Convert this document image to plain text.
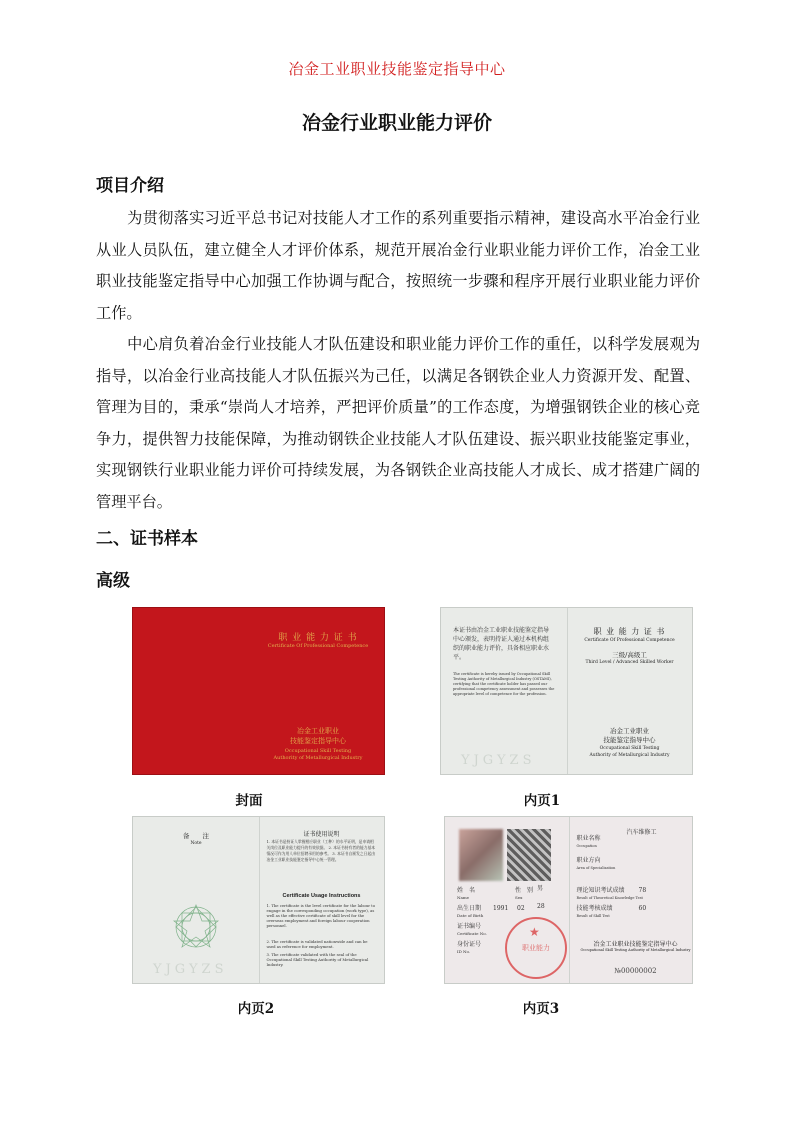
冶金工业职业技能鉴定指导中心
冶金行业职业能力评价
项目介绍
为贯彻落实习近平总书记对技能人才工作的系列重要指示精神，建设高水平冶金行业从业人员队伍，建立健全人才评价体系，规范开展冶金行业职业能力评价工作，冶金工业职业技能鉴定指导中心加强工作协调与配合，按照统一步骤和程序开展行业职业能力评价工作。
中心肩负着冶金行业技能人才队伍建设和职业能力评价工作的重任，以科学发展观为指导，以冶金行业高技能人才队伍振兴为己任，以满足各钢铁企业人力资源开发、配置、管理为目的，秉承“崇尚人才培养，严把评价质量”的工作态度，为增强钢铁企业的核心竞争力，提供智力技能保障，为推动钢铁企业技能人才队伍建设、振兴职业技能鉴定事业，实现钢铁行业职业能力评价可持续发展，为各钢铁企业高技能人才成长、成才搭建广阔的管理平台。
二、证书样本
高级
职 业 能 力 证 书
Certificate Of Professional Competence
冶金工业职业
技能鉴定指导中心
Occupational Skill Testing
Authority of Metallurgical Industry
封面
本证书由冶金工业职业技能鉴定指导中心颁发，表明持证人通过本机构组织的职业能力评价，具备相应职业水平。
The certificate is hereby issued by Occupational Skill Testing Authority of Metallurgical Industry (OSTAMI), certifying that the certificate holder has passed our professional competency assessment and possesses the appropriate level of competence for the profession.
YJGYZS
职 业 能 力 证 书
Certificate Of Professional Competence
三级/高级工
Third Level / Advanced Skilled Worker
冶金工业职业
技能鉴定指导中心
Occupational Skill Testing
Authority of Metallurgical Industry
内页1
备　　注
Note
YJGYZS
证书使用说明
1. 本证书是持证人掌握相应职业（工种）的水平证明，是申请相关岗位及职业能力提升的有效依据。 2. 本证书持有者的能力基本情况可作为用人单位招聘录用的参考。 3. 本证书自颁发之日起由冶金工业职业技能鉴定指导中心统一管理。
Certificate Usage Instructions
1. The certificate is the level certificate for the labour to engage in the corresponding occupation (work type), as well as the effective certificate of skill level for the overseas employment and foreign labour cooperation personnel.
2. The certificate is validated nationwide and can be used as reference for employment.
3. The certificate validated with the seal of the Occupational Skill Testing Authority of Metallurgical Industry.
内页2
姓　名
Name
性　别
Sex
男
出生日期
Date of Birth
1991 02 28
证书编号
Certificate No.
身份证号
ID No.	职业能力
★
职业名称
Occupation
汽车维修工
职业方向
Area of Specialization
理论知识考试成绩
Result of Theoretical Knowledge Test
78
技能考核成绩
Result of Skill Test
60
冶金工业职业技能鉴定指导中心
Occupational Skill Testing Authority of Metallurgical Industry
№00000002
内页3
